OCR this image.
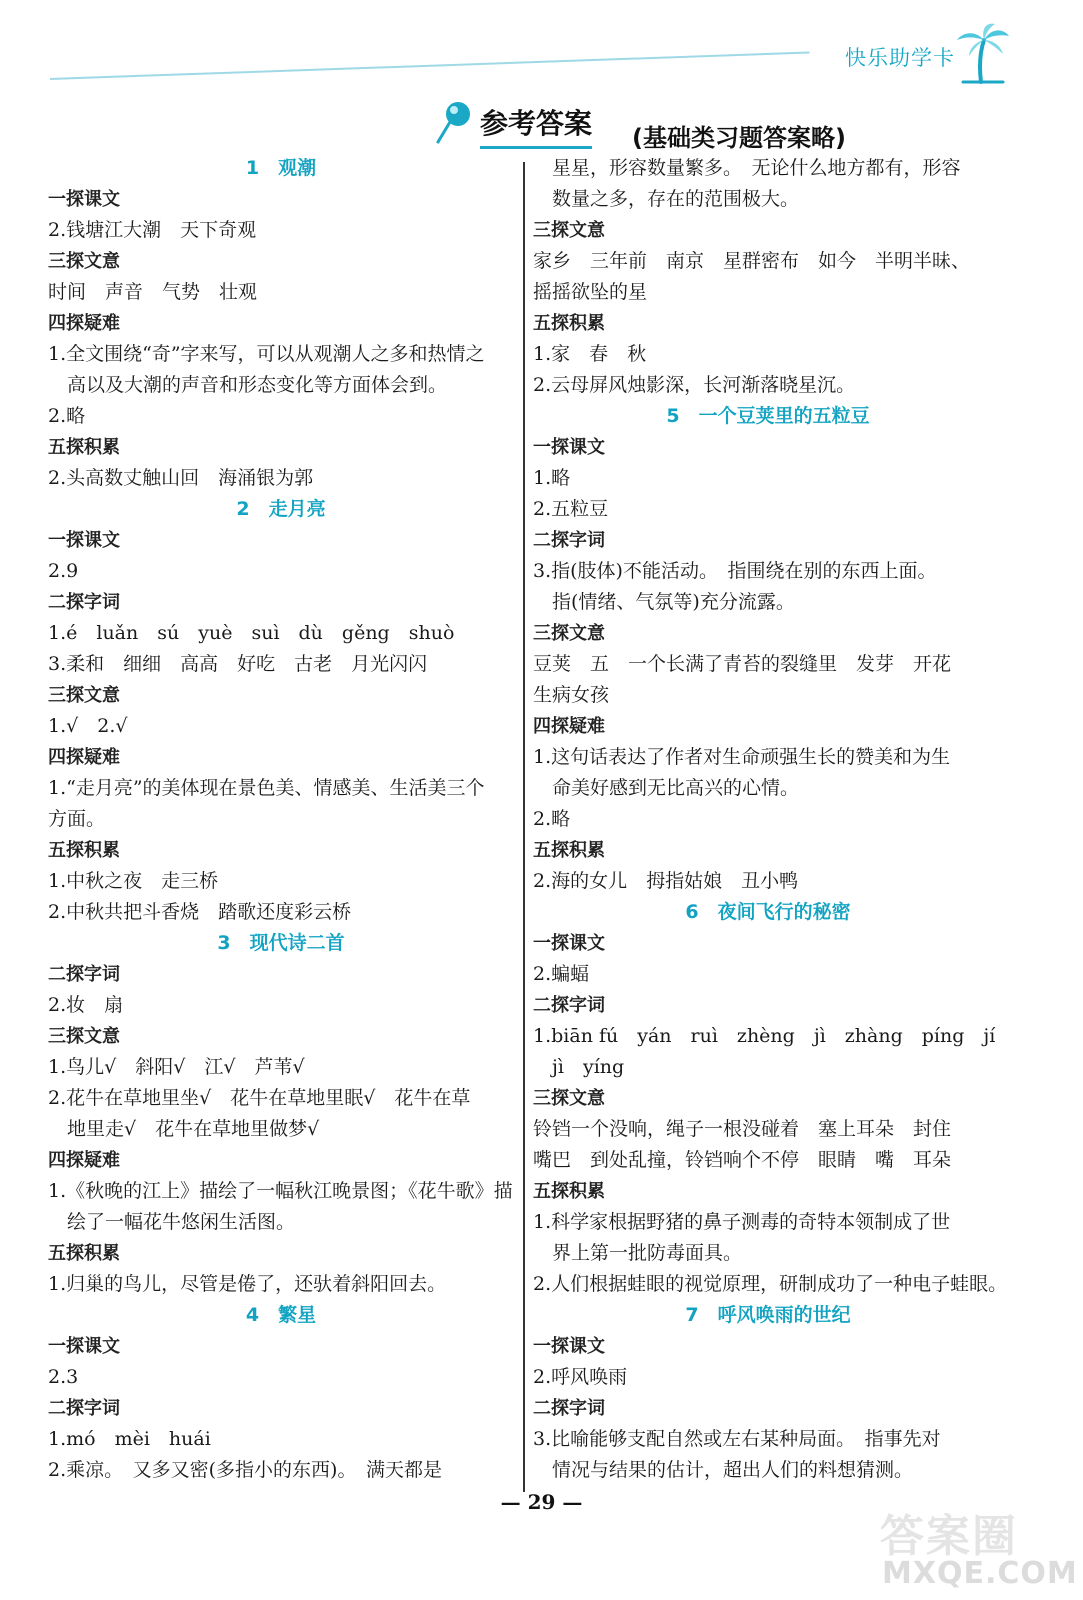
快乐助学卡
参考答案 (基础类习题答案略)
1　观潮
一探课文
2.钱塘江大潮　天下奇观
三探文意
时间　声音　气势　壮观
四探疑难
1.全文围绕“奇”字来写，可以从观潮人之多和热情之
高以及大潮的声音和形态变化等方面体会到。
2.略
五探积累
2.头高数丈触山回　海涌银为郭
2　走月亮
一探课文
2.9
二探字词
1.é　luǎn　sú　yuè　suì　dù　gěng　shuò
3.柔和　细细　高高　好吃　古老　月光闪闪
三探文意
1.√　2.√
四探疑难
1.“走月亮”的美体现在景色美、情感美、生活美三个
方面。
五探积累
1.中秋之夜　走三桥
2.中秋共把斗香烧　踏歌还度彩云桥
3　现代诗二首
二探字词
2.妆　扇
三探文意
1.鸟儿√　斜阳√　江√　芦苇√
2.花牛在草地里坐√　花牛在草地里眠√　花牛在草
地里走√　花牛在草地里做梦√
四探疑难
1.《秋晚的江上》描绘了一幅秋江晚景图；《花牛歌》描
绘了一幅花牛悠闲生活图。
五探积累
1.归巢的鸟儿，尽管是倦了，还驮着斜阳回去。
4　繁星
一探课文
2.3
二探字词
1.mó　mèi　huái
2.乘凉。　又多又密(多指小的东西)。　满天都是
星星，形容数量繁多。　无论什么地方都有，形容
数量之多，存在的范围极大。
三探文意
家乡　三年前　南京　星群密布　如今　半明半昧、
摇摇欲坠的星
五探积累
1.家　春　秋
2.云母屏风烛影深，长河渐落晓星沉。
5　一个豆荚里的五粒豆
一探课文
1.略
2.五粒豆
二探字词
3.指(肢体)不能活动。　指围绕在别的东西上面。
指(情绪、气氛等)充分流露。
三探文意
豆荚　五　一个长满了青苔的裂缝里　发芽　开花
生病女孩
四探疑难
1.这句话表达了作者对生命顽强生长的赞美和为生
命美好感到无比高兴的心情。
2.略
五探积累
2.海的女儿　拇指姑娘　丑小鸭
6　夜间飞行的秘密
一探课文
2.蝙蝠
二探字词
1.biān fú　yán　ruì　zhèng　jì　zhàng　píng　jí
jì　yíng
三探文意
铃铛一个没响，绳子一根没碰着　塞上耳朵　封住
嘴巴　到处乱撞，铃铛响个不停　眼睛　嘴　耳朵
五探积累
1.科学家根据野猪的鼻子测毒的奇特本领制成了世
界上第一批防毒面具。
2.人们根据蛙眼的视觉原理，研制成功了一种电子蛙眼。
7　呼风唤雨的世纪
一探课文
2.呼风唤雨
二探字词
3.比喻能够支配自然或左右某种局面。　指事先对
情况与结果的估计，超出人们的料想猜测。
— 29 —
答案圈
MXQE.COM
